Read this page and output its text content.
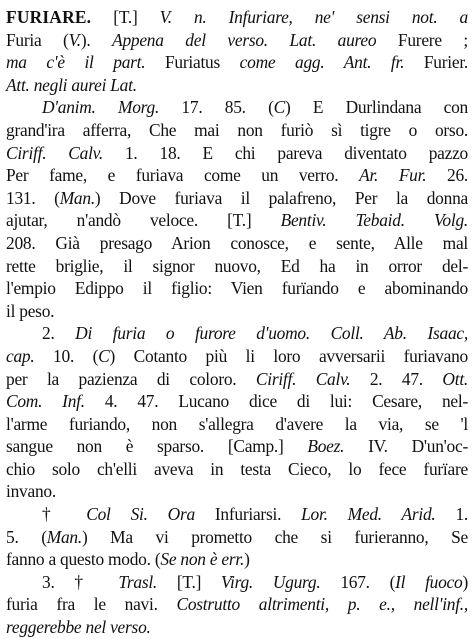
FURIARE. [T.] V. n. Infuriare, ne' sensi not. a
Furia (V.). Appena del verso. Lat. aureo Furere ;
ma c'è il part. Furiatus come agg. Ant. fr. Furier.
Att. negli aurei Lat.
D'anim. Morg. 17. 85. (C) E Durlindana con
grand'ira afferra, Che mai non furiò sì tigre o orso.
Ciriff. Calv. 1. 18. E chi pareva diventato pazzo
Per fame, e furiava come un verro. Ar. Fur. 26.
131. (Man.) Dove furiava il palafreno, Per la donna
ajutar, n'andò veloce. [T.] Bentiv. Tebaid. Volg.
208. Già presago Arion conosce, e sente, Alle mal
rette briglie, il signor nuovo, Ed ha in orror del-
l'empio Edippo il figlio: Vien furïando e abominando
il peso.
2. Di furia o furore d'uomo. Coll. Ab. Isaac,
cap. 10. (C) Cotanto più li loro avversarii furiavano
per la pazienza di coloro. Ciriff. Calv. 2. 47. Ott.
Com. Inf. 4. 47. Lucano dice di lui: Cesare, nel-
l'arme furiando, non s'allegra d'avere la via, se 'l
sangue non è sparso. [Camp.] Boez. IV. D'un'oc-
chio solo ch'elli aveva in testa Cieco, lo fece furïare
invano.
† Col Si. Ora Infuriarsi. Lor. Med. Arid. 1.
5. (Man.) Ma vi prometto che si furieranno, Se
fanno a questo modo. (Se non è err.)
3. † Trasl. [T.] Virg. Ugurg. 167. (Il fuoco)
furia fra le navi. Costrutto altrimenti, p. e., nell'inf.,
reggerebbe nel verso.
